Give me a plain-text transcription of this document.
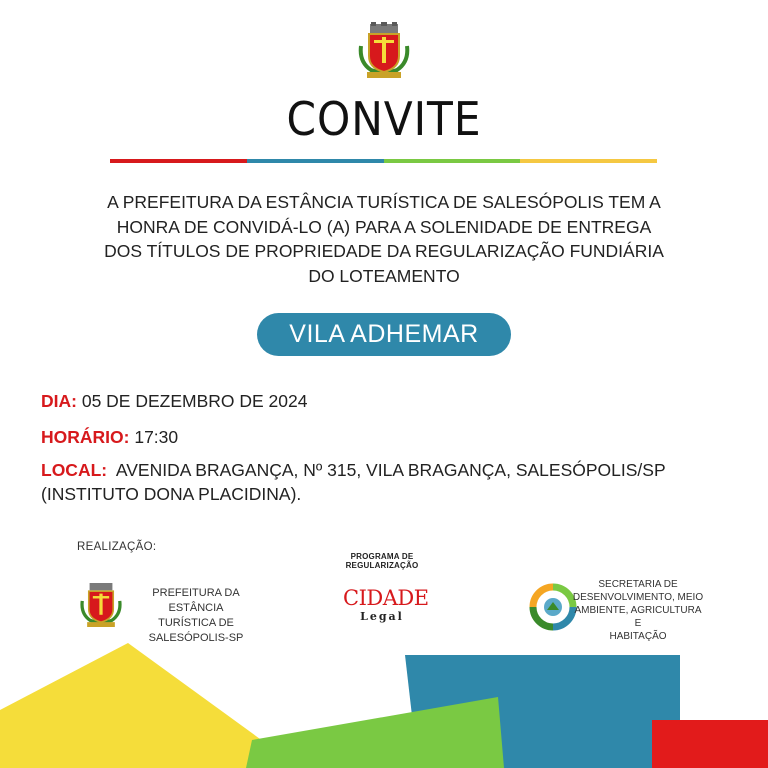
CONVITE
A PREFEITURA DA ESTÂNCIA TURÍSTICA DE SALESÓPOLIS TEM A
HONRA DE CONVIDÁ-LO (A) PARA A SOLENIDADE DE ENTREGA
DOS TÍTULOS DE PROPRIEDADE DA REGULARIZAÇÃO FUNDIÁRIA
DO LOTEAMENTO
VILA ADHEMAR
DIA: 05 DE DEZEMBRO DE 2024
HORÁRIO: 17:30
LOCAL: AVENIDA BRAGANÇA, Nº 315, VILA BRAGANÇA, SALESÓPOLIS/SP
(INSTITUTO DONA PLACIDINA).
REALIZAÇÃO:
PREFEITURA DA ESTÂNCIA
TURÍSTICA DE
SALESÓPOLIS-SP
PROGRAMA DE
REGULARIZAÇÃO
CIDADE
Legal
SECRETARIA DE
DESENVOLVIMENTO, MEIO
AMBIENTE, AGRICULTURA E
HABITAÇÃO
